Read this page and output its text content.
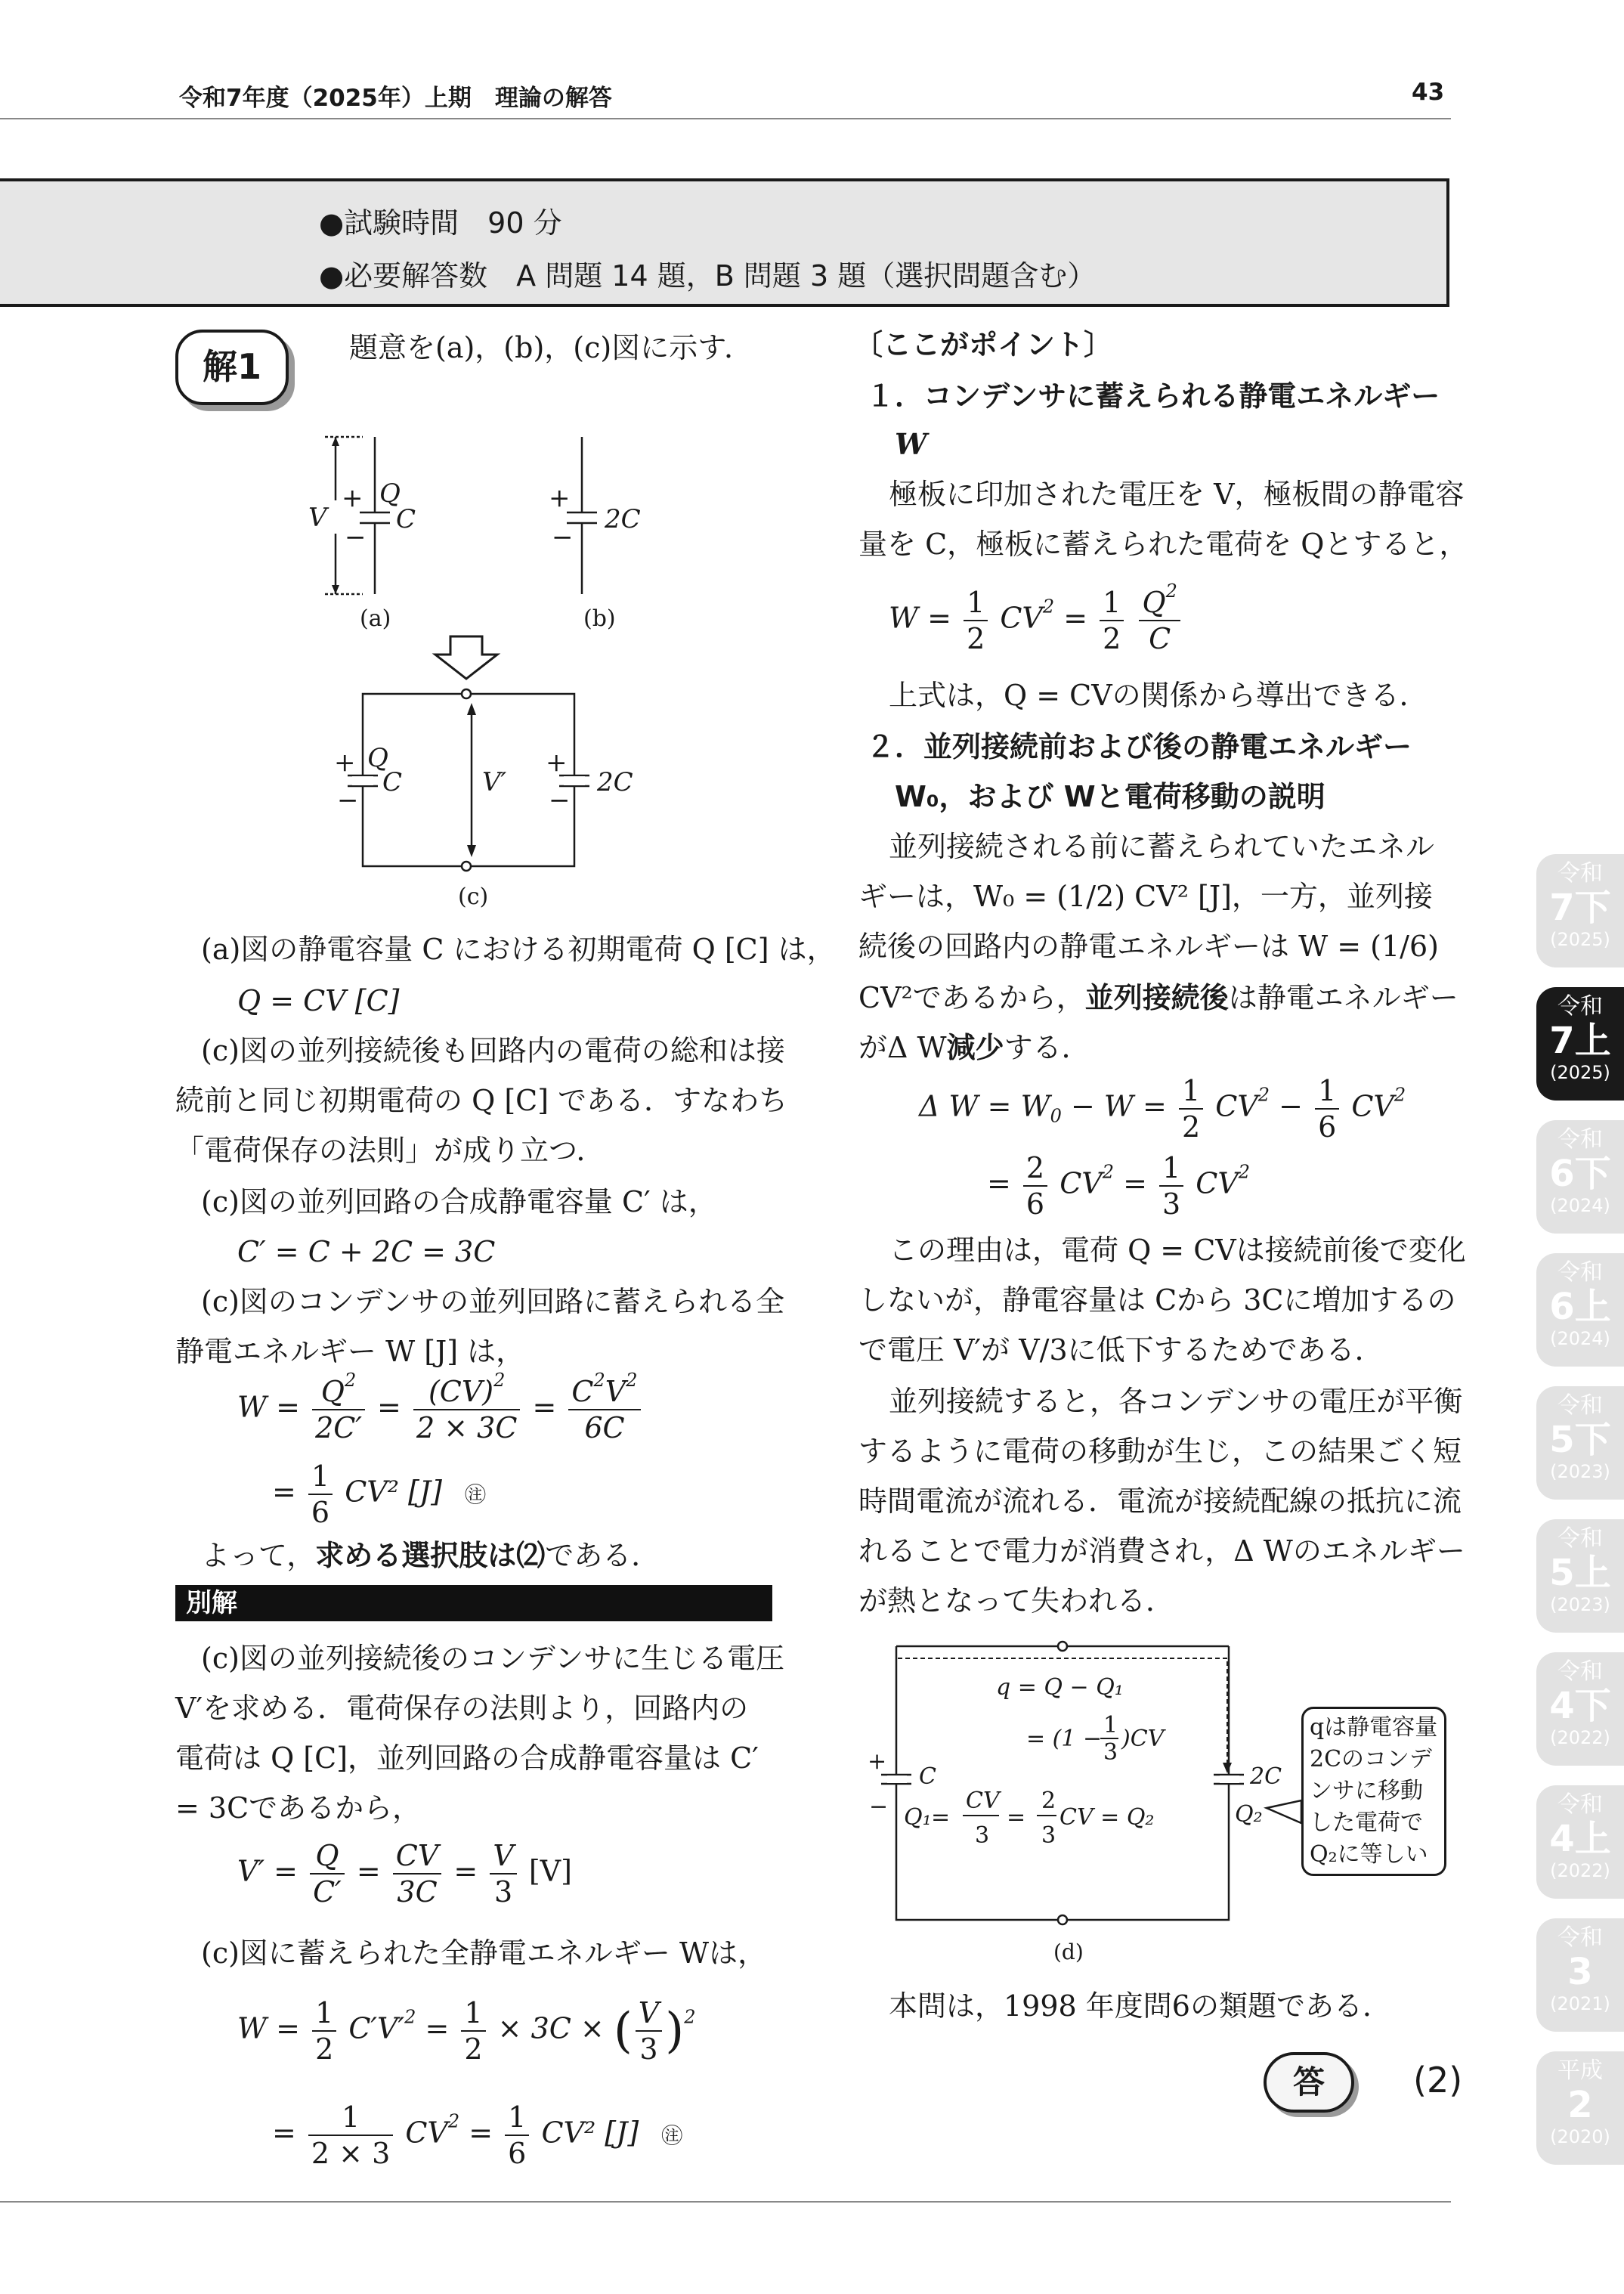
令和7年度（2025年）上期　理論の解答	43
●試験時間　90 分
●必要解答数　A 問題 14 題，B 問題 3 題（選択問題含む）
解1	題意を(a)，(b)，(c)図に示す．
V
+
−
Q
C
(a)
+
−
2C
(b)
+
−
Q
C	V′
+
−
2C
(c)
(a)図の静電容量 C における初期電荷 Q [C] は，
Q = CV [C]
(c)図の並列接続後も回路内の電荷の総和は接
続前と同じ初期電荷の Q [C] である．すなわち
「電荷保存の法則」が成り立つ．
(c)図の並列回路の合成静電容量 C′ は，
C′ = C + 2C = 3C
(c)図のコンデンサの並列回路に蓄えられる全
静電エネルギー W [J] は，
$W = \frac{Q^2}{2C'} = \frac{(CV)^2}{2 \times 3C} = \frac{C^2V^2}{6C}$
= $\frac{1}{6} CV^2$ [J] ㊟
よって，求める選択肢は⑵である．
別解
(c)図の並列接続後のコンデンサに生じる電圧
V′を求める．電荷保存の法則より，回路内の
電荷は Q [C]，並列回路の合成静電容量は C′
= 3Cであるから，
$V' = \frac{Q}{C'} = \frac{CV}{3C} = \frac{V}{3} [V]$
(c)図に蓄えられた全静電エネルギー Wは，
$W = \frac{1}{2} C'V'^2 = \frac{1}{2} \times 3C$ × ( $\frac{V}{3} )^2$
= $\frac{1}{2 \times 3} CV^2 = \frac{1}{6} CV^2$ [J] ㊟
〔ここがポイント〕
１．コンデンサに蓄えられる静電エネルギー
W
極板に印加された電圧を V，極板間の静電容
量を C，極板に蓄えられた電荷を Qとすると，
$W = \frac{1}{2} CV^2 = \frac{1}{2}$
$\frac{Q^2}{C}$
上式は，Q = CVの関係から導出できる．
２．並列接続前および後の静電エネルギー
W₀，および Wと電荷移動の説明
並列接続される前に蓄えられていたエネル
ギーは，W₀ = (1/2) CV² [J]，一方，並列接
続後の回路内の静電エネルギーは W = (1/6)
CV²であるから，並列接続後は静電エネルギー
がΔ W減少する．
Δ $W = W_0 - W = \frac{1}{2} CV^2 - \frac{1}{6} CV^2$
= $\frac{2}{6} CV^2 = \frac{1}{3} CV^2$
この理由は，電荷 Q = CVは接続前後で変化
しないが，静電容量は Cから 3Cに増加するの
で電圧 V′が V/3に低下するためである．
並列接続すると，各コンデンサの電圧が平衡
するように電荷の移動が生じ，この結果ごく短
時間電流が流れる．電流が接続配線の抵抗に流
れることで電力が消費され，Δ Wのエネルギー
が熱となって失われる．
q = Q − Q₁
= (1 −
1
3
)CV
+
−
C
Q₁ =
CV
3
=
2
3
CV = Q₂
2C
Q₂
(d)
qは静電容量
2Cのコンデ
ンサに移動
した電荷で
Q₂に等しい
本問は，1998 年度問6の類題である．
答	(2)
令和
7下
(2025)
令和
7上
(2025)
令和
6下
(2024)
令和
6上
(2024)
令和
5下
(2023)
令和
5上
(2023)
令和
4下
(2022)
令和
4上
(2022)
令和
3
(2021)
平成
2
(2020)
